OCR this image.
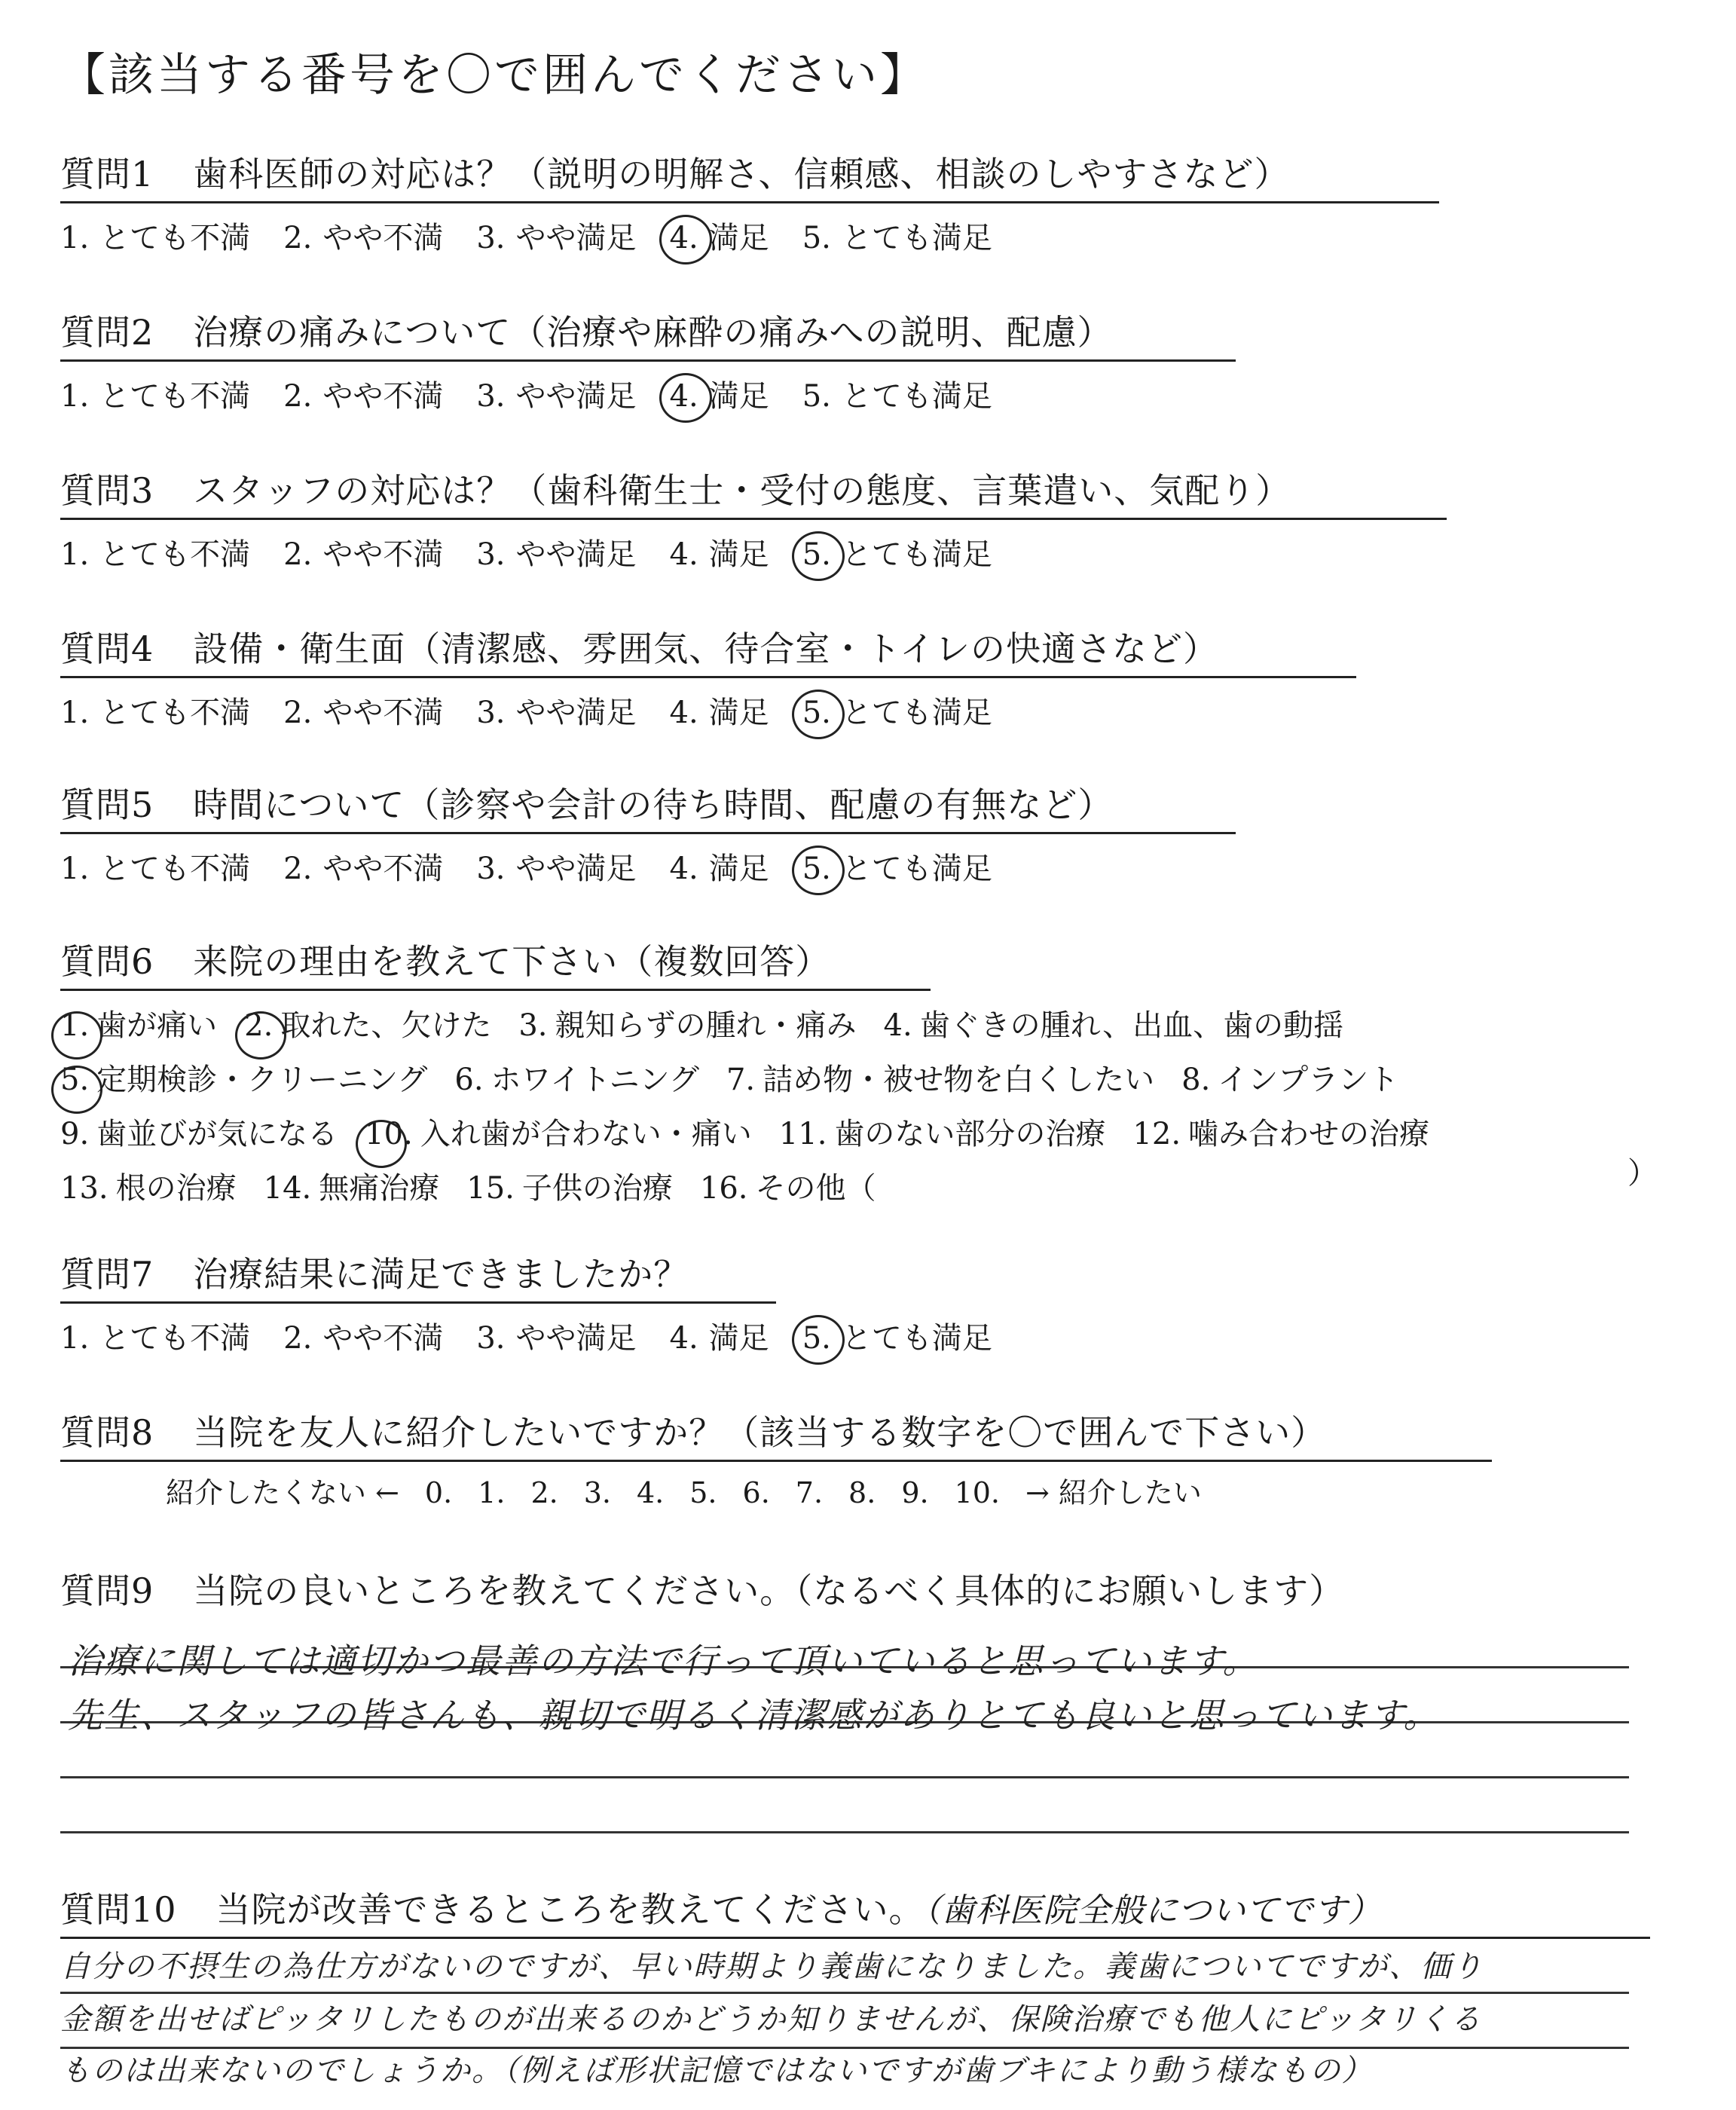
【該当する番号を〇で囲んでください】
質問1 歯科医師の対応は？（説明の明解さ、信頼感、相談のしやすさなど）
1. とても不満 2. やや不満 3. やや満足 4. 満足 5. とても満足
質問2 治療の痛みについて（治療や麻酔の痛みへの説明、配慮）
1. とても不満 2. やや不満 3. やや満足 4. 満足 5. とても満足
質問3 スタッフの対応は？（歯科衛生士・受付の態度、言葉遣い、気配り）
1. とても不満 2. やや不満 3. やや満足 4. 満足 5. とても満足
質問4 設備・衛生面（清潔感、雰囲気、待合室・トイレの快適さなど）
1. とても不満 2. やや不満 3. やや満足 4. 満足 5. とても満足
質問5 時間について（診察や会計の待ち時間、配慮の有無など）
1. とても不満 2. やや不満 3. やや満足 4. 満足 5. とても満足
質問6 来院の理由を教えて下さい（複数回答）
1. 歯が痛い 2. 取れた、欠けた 3. 親知らずの腫れ・痛み 4. 歯ぐきの腫れ、出血、歯の動揺
5. 定期検診・クリーニング 6. ホワイトニング 7. 詰め物・被せ物を白くしたい 8. インプラント
9. 歯並びが気になる 10. 入れ歯が合わない・痛い 11. 歯のない部分の治療 12. 噛み合わせの治療
13. 根の治療 14. 無痛治療 15. 子供の治療 16. その他（	）
質問7 治療結果に満足できましたか？
1. とても不満 2. やや不満 3. やや満足 4. 満足 5. とても満足
質問8 当院を友人に紹介したいですか？（該当する数字を〇で囲んで下さい）
紹介したくない ← 0. 1. 2. 3. 4. 5. 6. 7. 8. 9. 10. → 紹介したい
質問9 当院の良いところを教えてください。（なるべく具体的にお願いします）
治療に関しては適切かつ最善の方法で行って頂いていると思っています。
先生、スタッフの皆さんも、親切で明るく清潔感がありとても良いと思っています。
質問10 当院が改善できるところを教えてください。（歯科医院全般についてです）
自分の不摂生の為仕方がないのですが、早い時期より義歯になりました。義歯についてですが、価り
金額を出せばピッタリしたものが出来るのかどうか知りませんが、保険治療でも他人にピッタリくる
ものは出来ないのでしょうか。（例えば形状記憶ではないですが歯ブキにより動う様なもの）
